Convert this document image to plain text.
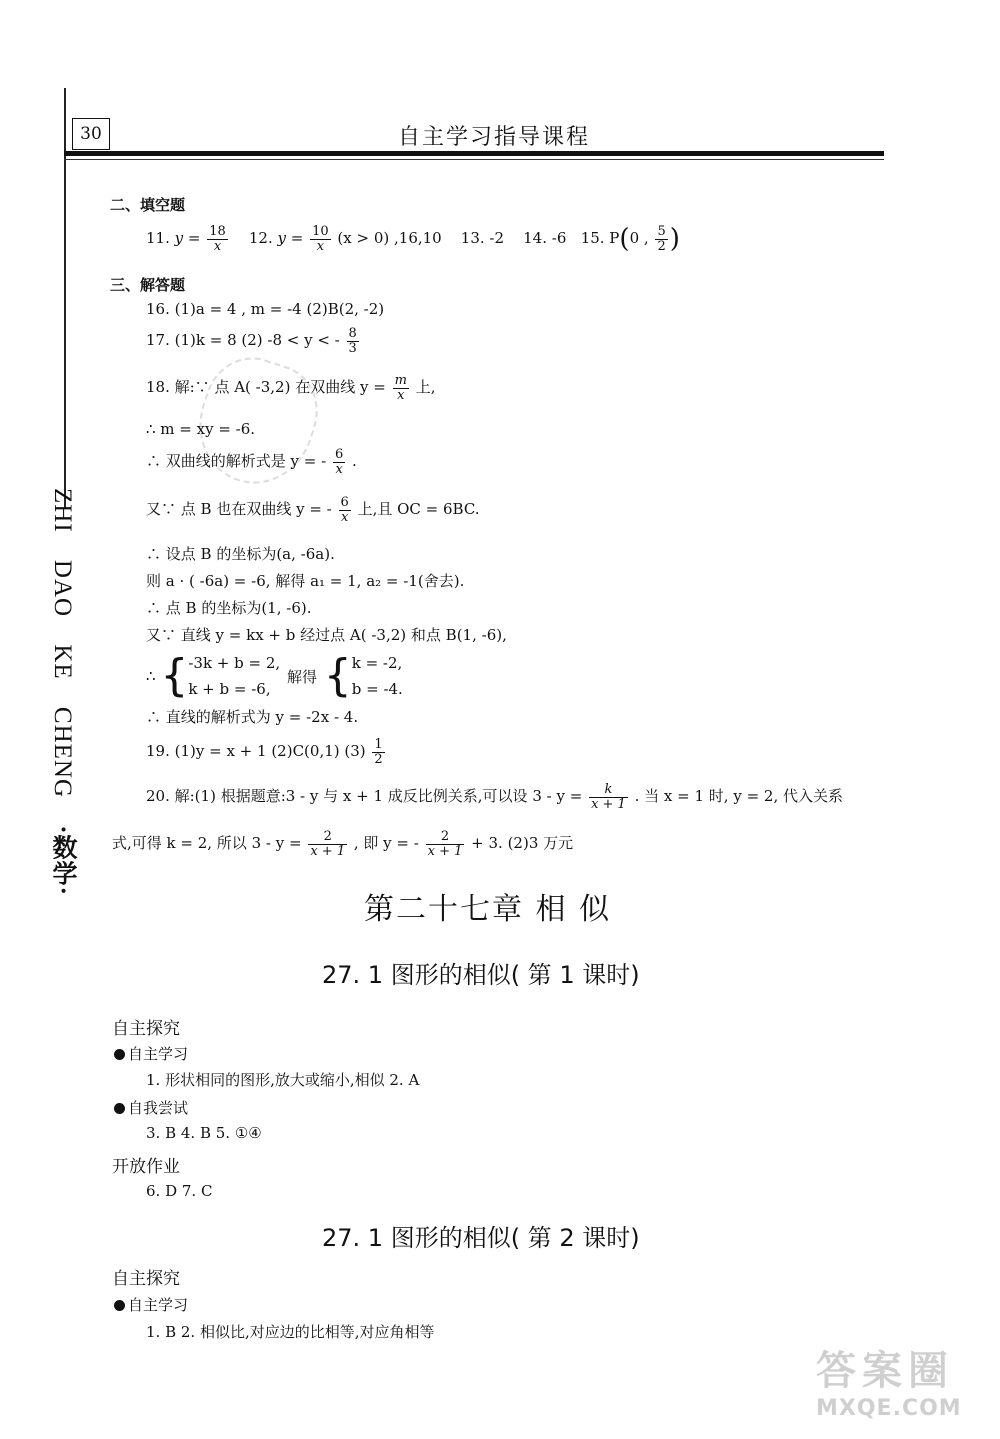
30	自主学习指导课程
ZHI DAO KE CHENG ·数学·
二、填空题
11. $y = \frac{18}{x} 12$. $y = \frac{10}{x} (x > 0)$ ,16,10 13. -2 14. -6 15. P(0 , $\frac{5}{2}$ )
三、解答题
16. (1)a = 4 , m = -4 (2)B(2, -2)
17. (1)k = 8 (2) -8 < y < - $\frac{8}{3}$
18. 解:∵ 点 A( -3,2) 在双曲线 $y = \frac{m}{x}$ 上,
∴ m = xy = -6.
∴ 双曲线的解析式是 y = - $\frac{6}{x}$ .
又∵ 点 B 也在双曲线 y = - $\frac{6}{x}$ 上,且 OC = 6BC.
∴ 设点 B 的坐标为(a, -6a).
则 a · ( -6a) = -6, 解得 a₁ = 1, a₂ = -1(舍去).
∴ 点 B 的坐标为(1, -6).
又∵ 直线 y = kx + b 经过点 A( -3,2) 和点 B(1, -6),
∴ {-3k + b = 2,
k + b = -6, 解得 {k = -2,
b = -4.
∴ 直线的解析式为 y = -2x - 4.
19. (1)y = x + 1 (2)C(0,1) $(3) \frac{1}{2}$
20. 解:(1) 根据题意:3 - y 与 x + 1 成反比例关系,可以设 $3 - y = \frac{k}{x + 1}$ . 当 x = 1 时, y = 2, 代入关系
式,可得 k = 2, 所以 $3 - y = \frac{2}{x + 1}$ , 即 y = - $\frac{2}{x + 1} + 3$. (2)3 万元
第二十七章 相 似
27. 1 图形的相似( 第 1 课时)
自主探究
自主学习
1. 形状相同的图形,放大或缩小,相似 2. A
自我尝试
3. B 4. B 5. ①④
开放作业
6. D 7. C
27. 1 图形的相似( 第 2 课时)
自主探究
自主学习
1. B 2. 相似比,对应边的比相等,对应角相等
答案圈
MXQE.COM
